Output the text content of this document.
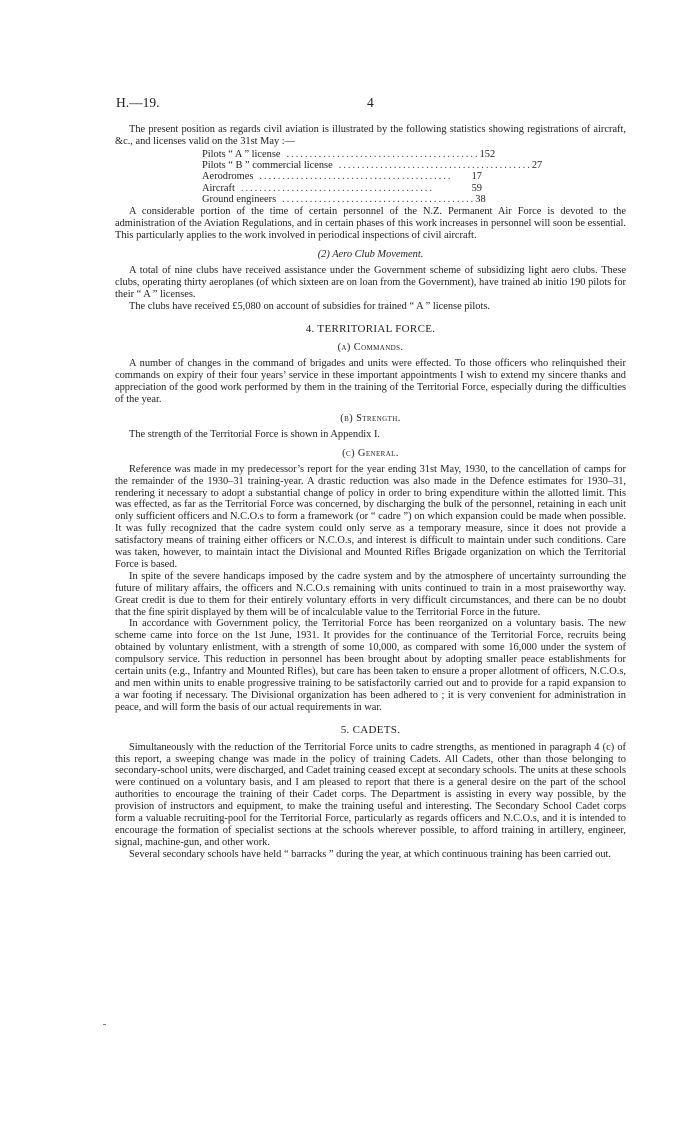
H.—19.	4

The present position as regards civil aviation is illustrated by the following statistics showing registrations of aircraft, &c., and licenses valid on the 31st May :—

Pilots “ A ” license .......................................... 152
Pilots “ B ” commercial license .......................................... 27
Aerodromes ..........................................	17
Aircraft ..........................................	59
Ground engineers .......................................... 38

A considerable portion of the time of certain personnel of the N.Z. Permanent Air Force is devoted to the administration of the Aviation Regulations, and in certain phases of this work increases in personnel will soon be essential. This particularly applies to the work involved in periodical inspections of civil aircraft.

(2) Aero Club Movement.

A total of nine clubs have received assistance under the Government scheme of subsidizing light aero clubs. These clubs, operating thirty aeroplanes (of which sixteen are on loan from the Government), have trained ab initio 190 pilots for their “ A ” licenses.

The clubs have received £5,080 on account of subsidies for trained “ A ” license pilots.

4. TERRITORIAL FORCE.
(a) Commands.

A number of changes in the command of brigades and units were effected. To those officers who relinquished their commands on expiry of their four years’ service in these important appointments I wish to extend my sincere thanks and appreciation of the good work performed by them in the training of the Territorial Force, especially during the difficulties of the year.

(b) Strength.

The strength of the Territorial Force is shown in Appendix I.

(c) General.

Reference was made in my predecessor’s report for the year ending 31st May, 1930, to the cancellation of camps for the remainder of the 1930–31 training-year. A drastic reduction was also made in the Defence estimates for 1930–31, rendering it necessary to adopt a substantial change of policy in order to bring expenditure within the allotted limit. This was effected, as far as the Territorial Force was concerned, by discharging the bulk of the personnel, retaining in each unit only sufficient officers and N.C.O.s to form a framework (or “ cadre ”) on which expansion could be made when possible. It was fully recognized that the cadre system could only serve as a temporary measure, since it does not provide a satisfactory means of training either officers or N.C.O.s, and interest is difficult to maintain under such conditions. Care was taken, however, to maintain intact the Divisional and Mounted Rifles Brigade organization on which the Territorial Force is based.

In spite of the severe handicaps imposed by the cadre system and by the atmosphere of uncertainty surrounding the future of military affairs, the officers and N.C.O.s remaining with units continued to train in a most praiseworthy way. Great credit is due to them for their entirely voluntary efforts in very difficult circumstances, and there can be no doubt that the fine spirit displayed by them will be of incalculable value to the Territorial Force in the future.

In accordance with Government policy, the Territorial Force has been reorganized on a voluntary basis. The new scheme came into force on the 1st June, 1931. It provides for the continuance of the Territorial Force, recruits being obtained by voluntary enlistment, with a strength of some 10,000, as compared with some 16,000 under the system of compulsory service. This reduction in personnel has been brought about by adopting smaller peace establishments for certain units (e.g., Infantry and Mounted Rifles), but care has been taken to ensure a proper allotment of officers, N.C.O.s, and men within units to enable progressive training to be satisfactorily carried out and to provide for a rapid expansion to a war footing if necessary. The Divisional organization has been adhered to ; it is very convenient for administration in peace, and will form the basis of our actual requirements in war.

5. CADETS.

Simultaneously with the reduction of the Territorial Force units to cadre strengths, as mentioned in paragraph 4 (c) of this report, a sweeping change was made in the policy of training Cadets. All Cadets, other than those belonging to secondary-school units, were discharged, and Cadet training ceased except at secondary schools. The units at these schools were continued on a voluntary basis, and I am pleased to report that there is a general desire on the part of the school authorities to encourage the training of their Cadet corps. The Department is assisting in every way possible, by the provision of instructors and equipment, to make the training useful and interesting. The Secondary School Cadet corps form a valuable recruiting-pool for the Territorial Force, particularly as regards officers and N.C.O.s, and it is intended to encourage the formation of specialist sections at the schools wherever possible, to afford training in artillery, engineer, signal, machine-gun, and other work.

Several secondary schools have held “ barracks ” during the year, at which continuous training has been carried out.
